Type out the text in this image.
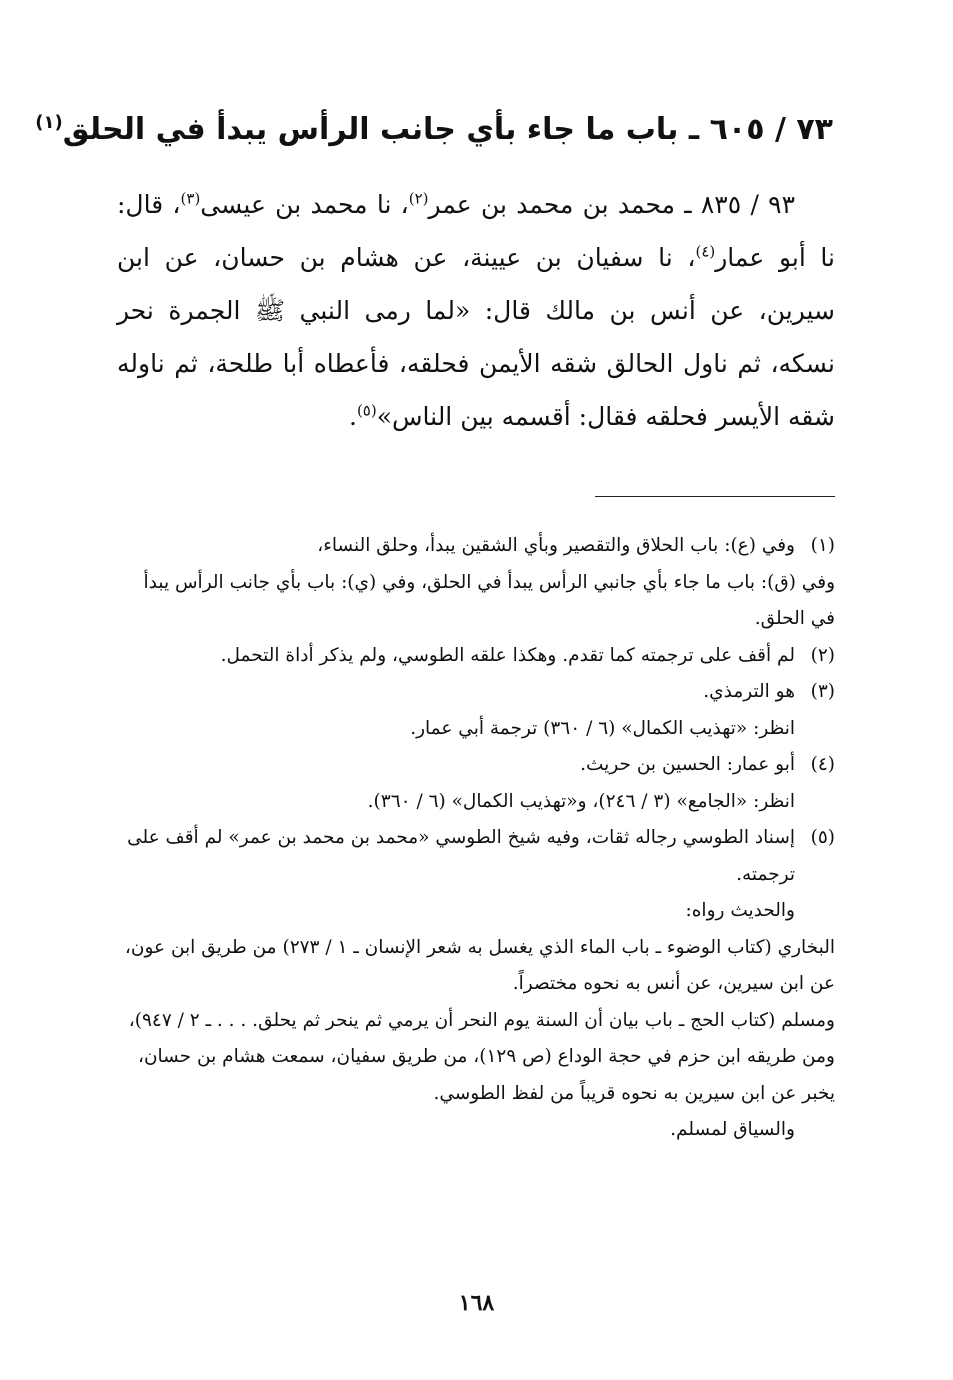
٧٣ / ٦٠٥ ـ باب ما جاء بأي جانب الرأس يبدأ في الحلق$^{(١)}$
٩٣ / ٨٣٥ ـ محمد بن محمد بن عمر$^{(٢)}$، نا محمد بن عيسى$^{(٣)}$، قال: نا أبو عمار$^{(٤)}$، نا سفيان بن عيينة، عن هشام بن حسان، عن ابن سيرين، عن أنس بن مالك قال: «لما رمى النبي ﷺ الجمرة نحر نسكه، ثم ناول الحالق شقه الأيمن فحلقه، فأعطاه أبا طلحة، ثم ناوله شقه الأيسر فحلقه فقال: أقسمه بين الناس»$^{(٥)}$.
(١)
وفي (ع): باب الحلاق والتقصير وبأي الشقين يبدأ، وحلق النساء،
وفي (ق): باب ما جاء بأي جانبي الرأس يبدأ في الحلق، وفي (ي): باب بأي جانب الرأس يبدأ في الحلق.
(٢)
لم أقف على ترجمته كما تقدم. وهكذا علقه الطوسي، ولم يذكر أداة التحمل.
(٣)
هو الترمذي.
انظر: «تهذيب الكمال» (٦ / ٣٦٠) ترجمة أبي عمار.
(٤)
أبو عمار: الحسين بن حريث.
انظر: «الجامع» (٣ / ٢٤٦)، و«تهذيب الكمال» (٦ / ٣٦٠).
(٥)
إسناد الطوسي رجاله ثقات، وفيه شيخ الطوسي «محمد بن محمد بن عمر» لم أقف على ترجمته.
والحديث رواه:
البخاري (كتاب الوضوء ـ باب الماء الذي يغسل به شعر الإنسان ـ ١ / ٢٧٣) من طريق ابن عون، عن ابن سيرين، عن أنس به نحوه مختصراً.
ومسلم (كتاب الحج ـ باب بيان أن السنة يوم النحر أن يرمي ثم ينحر ثم يحلق. . . . ـ ٢ / ٩٤٧)، ومن طريقه ابن حزم في حجة الوداع (ص ١٢٩)، من طريق سفيان، سمعت هشام بن حسان، يخبر عن ابن سيرين به نحوه قريباً من لفظ الطوسي.
والسياق لمسلم.
١٦٨
